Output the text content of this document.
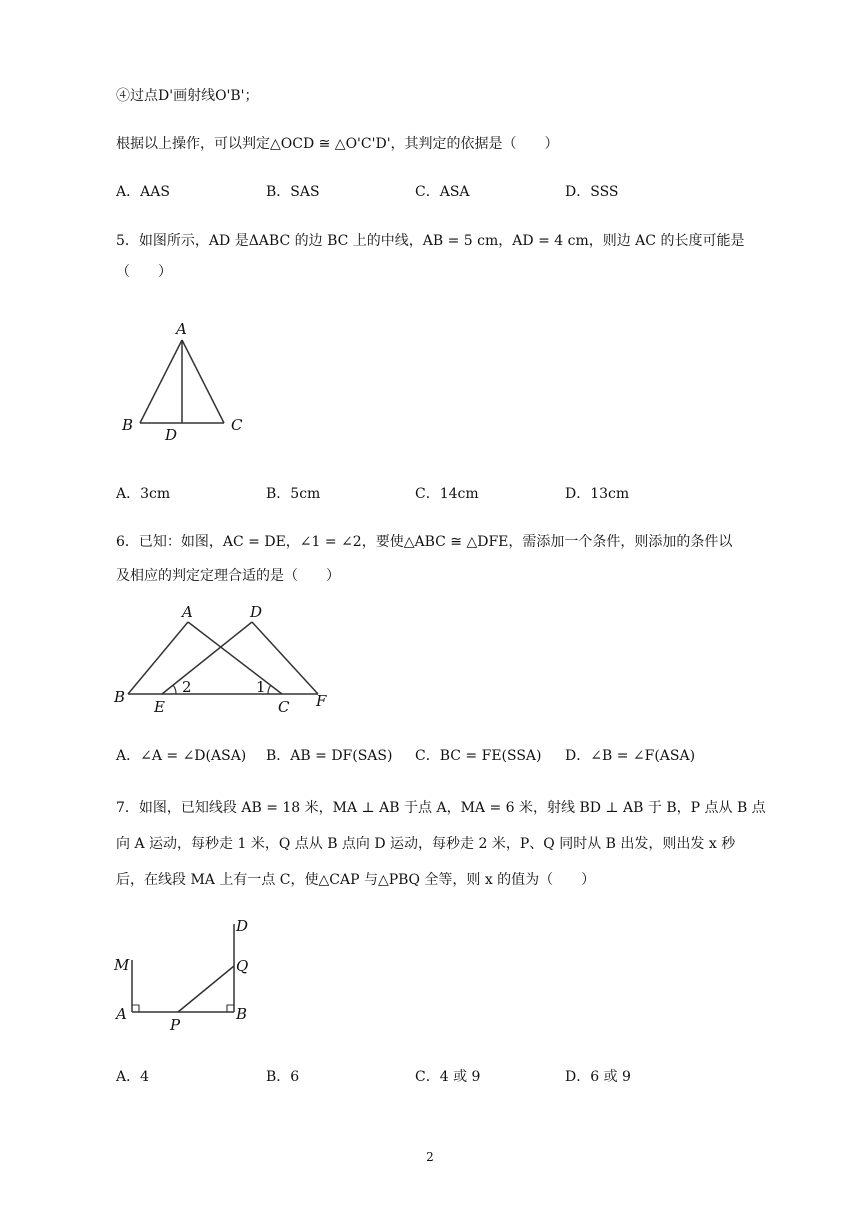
④过点D'画射线O'B'；
根据以上操作，可以判定△OCD ≅ △O'C'D'，其判定的依据是（　　）
A．AAS	B．SAS	C．ASA	D．SSS
5．如图所示，AD 是ΔABC 的边 BC 上的中线，AB = 5 cm，AD = 4 cm，则边 AC 的长度可能是
（　　）
A
B	C
D
A．3cm	B．5cm	C．14cm	D．13cm
6．已知：如图，AC = DE，∠1 = ∠2，要使△ABC ≅ △DFE，需添加一个条件，则添加的条件以
及相应的判定定理合适的是（　　）
A	D
B
E	C F
2	1
A．∠A = ∠D(ASA) B．AB = DF(SAS) C．BC = FE(SSA) D．∠B = ∠F(ASA)
7．如图，已知线段 AB = 18 米，MA ⊥ AB 于点 A，MA = 6 米，射线 BD ⊥ AB 于 B，P 点从 B 点
向 A 运动，每秒走 1 米，Q 点从 B 点向 D 运动，每秒走 2 米，P、Q 同时从 B 出发，则出发 x 秒
后，在线段 MA 上有一点 C，使△CAP 与△PBQ 全等，则 x 的值为（　　）
M
A
P
B
Q
D
A．4	B．6	C．4 或 9	D．6 或 9
2
